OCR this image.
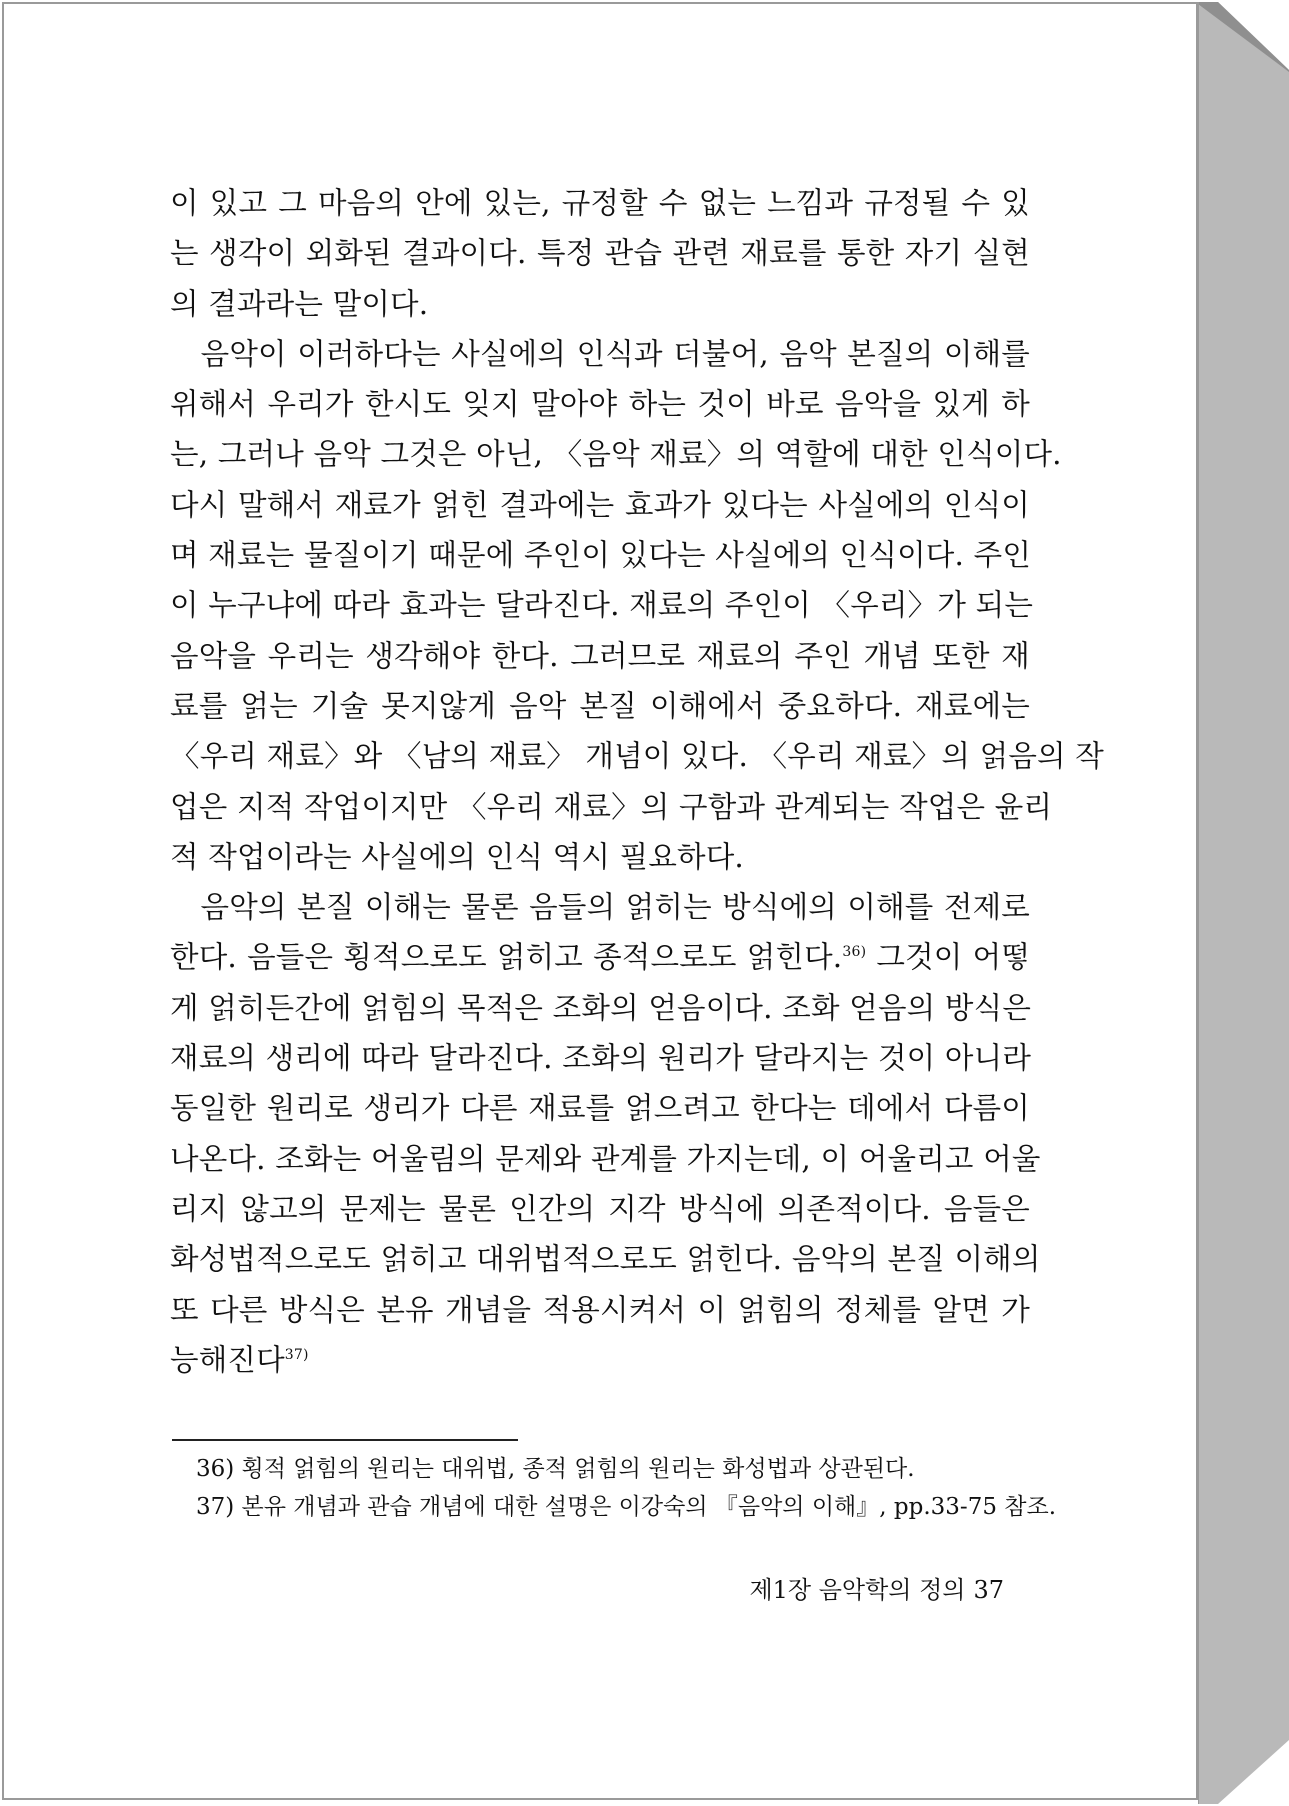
이 있고 그 마음의 안에 있는, 규정할 수 없는 느낌과 규정될 수 있
는 생각이 외화된 결과이다. 특정 관습 관련 재료를 통한 자기 실현
의 결과라는 말이다.
　음악이 이러하다는 사실에의 인식과 더불어, 음악 본질의 이해를
위해서 우리가 한시도 잊지 말아야 하는 것이 바로 음악을 있게 하
는, 그러나 음악 그것은 아닌, 〈음악 재료〉의 역할에 대한 인식이다.
다시 말해서 재료가 얽힌 결과에는 효과가 있다는 사실에의 인식이
며 재료는 물질이기 때문에 주인이 있다는 사실에의 인식이다. 주인
이 누구냐에 따라 효과는 달라진다. 재료의 주인이 〈우리〉가 되는
음악을 우리는 생각해야 한다. 그러므로 재료의 주인 개념 또한 재
료를 얽는 기술 못지않게 음악 본질 이해에서 중요하다. 재료에는
〈우리 재료〉와 〈남의 재료〉 개념이 있다. 〈우리 재료〉의 얽음의 작
업은 지적 작업이지만 〈우리 재료〉의 구함과 관계되는 작업은 윤리
적 작업이라는 사실에의 인식 역시 필요하다.
　음악의 본질 이해는 물론 음들의 얽히는 방식에의 이해를 전제로
한다. 음들은 횡적으로도 얽히고 종적으로도 얽힌다.$^{36)}$ 그것이 어떻
게 얽히든간에 얽힘의 목적은 조화의 얻음이다. 조화 얻음의 방식은
재료의 생리에 따라 달라진다. 조화의 원리가 달라지는 것이 아니라
동일한 원리로 생리가 다른 재료를 얽으려고 한다는 데에서 다름이
나온다. 조화는 어울림의 문제와 관계를 가지는데, 이 어울리고 어울
리지 않고의 문제는 물론 인간의 지각 방식에 의존적이다. 음들은
화성법적으로도 얽히고 대위법적으로도 얽힌다. 음악의 본질 이해의
또 다른 방식은 본유 개념을 적용시켜서 이 얽힘의 정체를 알면 가
능해진다$^{37)}$
36) 횡적 얽힘의 원리는 대위법, 종적 얽힘의 원리는 화성법과 상관된다.
37) 본유 개념과 관습 개념에 대한 설명은 이강숙의 『음악의 이해』, pp.33-75 참조.
제1장 음악학의 정의 37
